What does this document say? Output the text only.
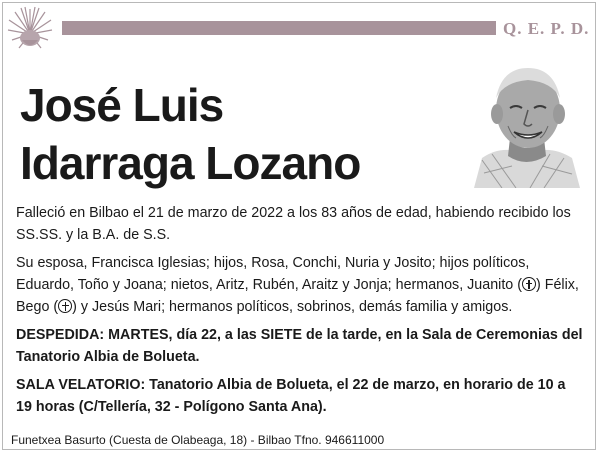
Q. E. P. D.
José Luis
Idarraga Lozano

Falleció en Bilbao el 21 de marzo de 2022 a los 83 años de edad, habiendo recibido los SS.SS. y la B.A. de S.S.

Su esposa, Francisca Iglesias; hijos, Rosa, Conchi, Nuria y Josito; hijos políticos, Eduardo, Toño y Joana; nietos, Aritz, Rubén, Araitz y Jonja; hermanos, Juanito ( ) Félix, Bego ( ) y Jesús Mari; hermanos políticos, sobrinos, demás familia y amigos.

DESPEDIDA: MARTES, día 22, a las SIETE de la tarde, en la Sala de Ceremonias del Tanatorio Albia de Bolueta.

SALA VELATORIO: Tanatorio Albia de Bolueta, el 22 de marzo, en horario de 10 a 19 horas (C/Tellería, 32 - Polígono Santa Ana).

Funetxea Basurto (Cuesta de Olabeaga, 18) - Bilbao Tfno. 946611000
